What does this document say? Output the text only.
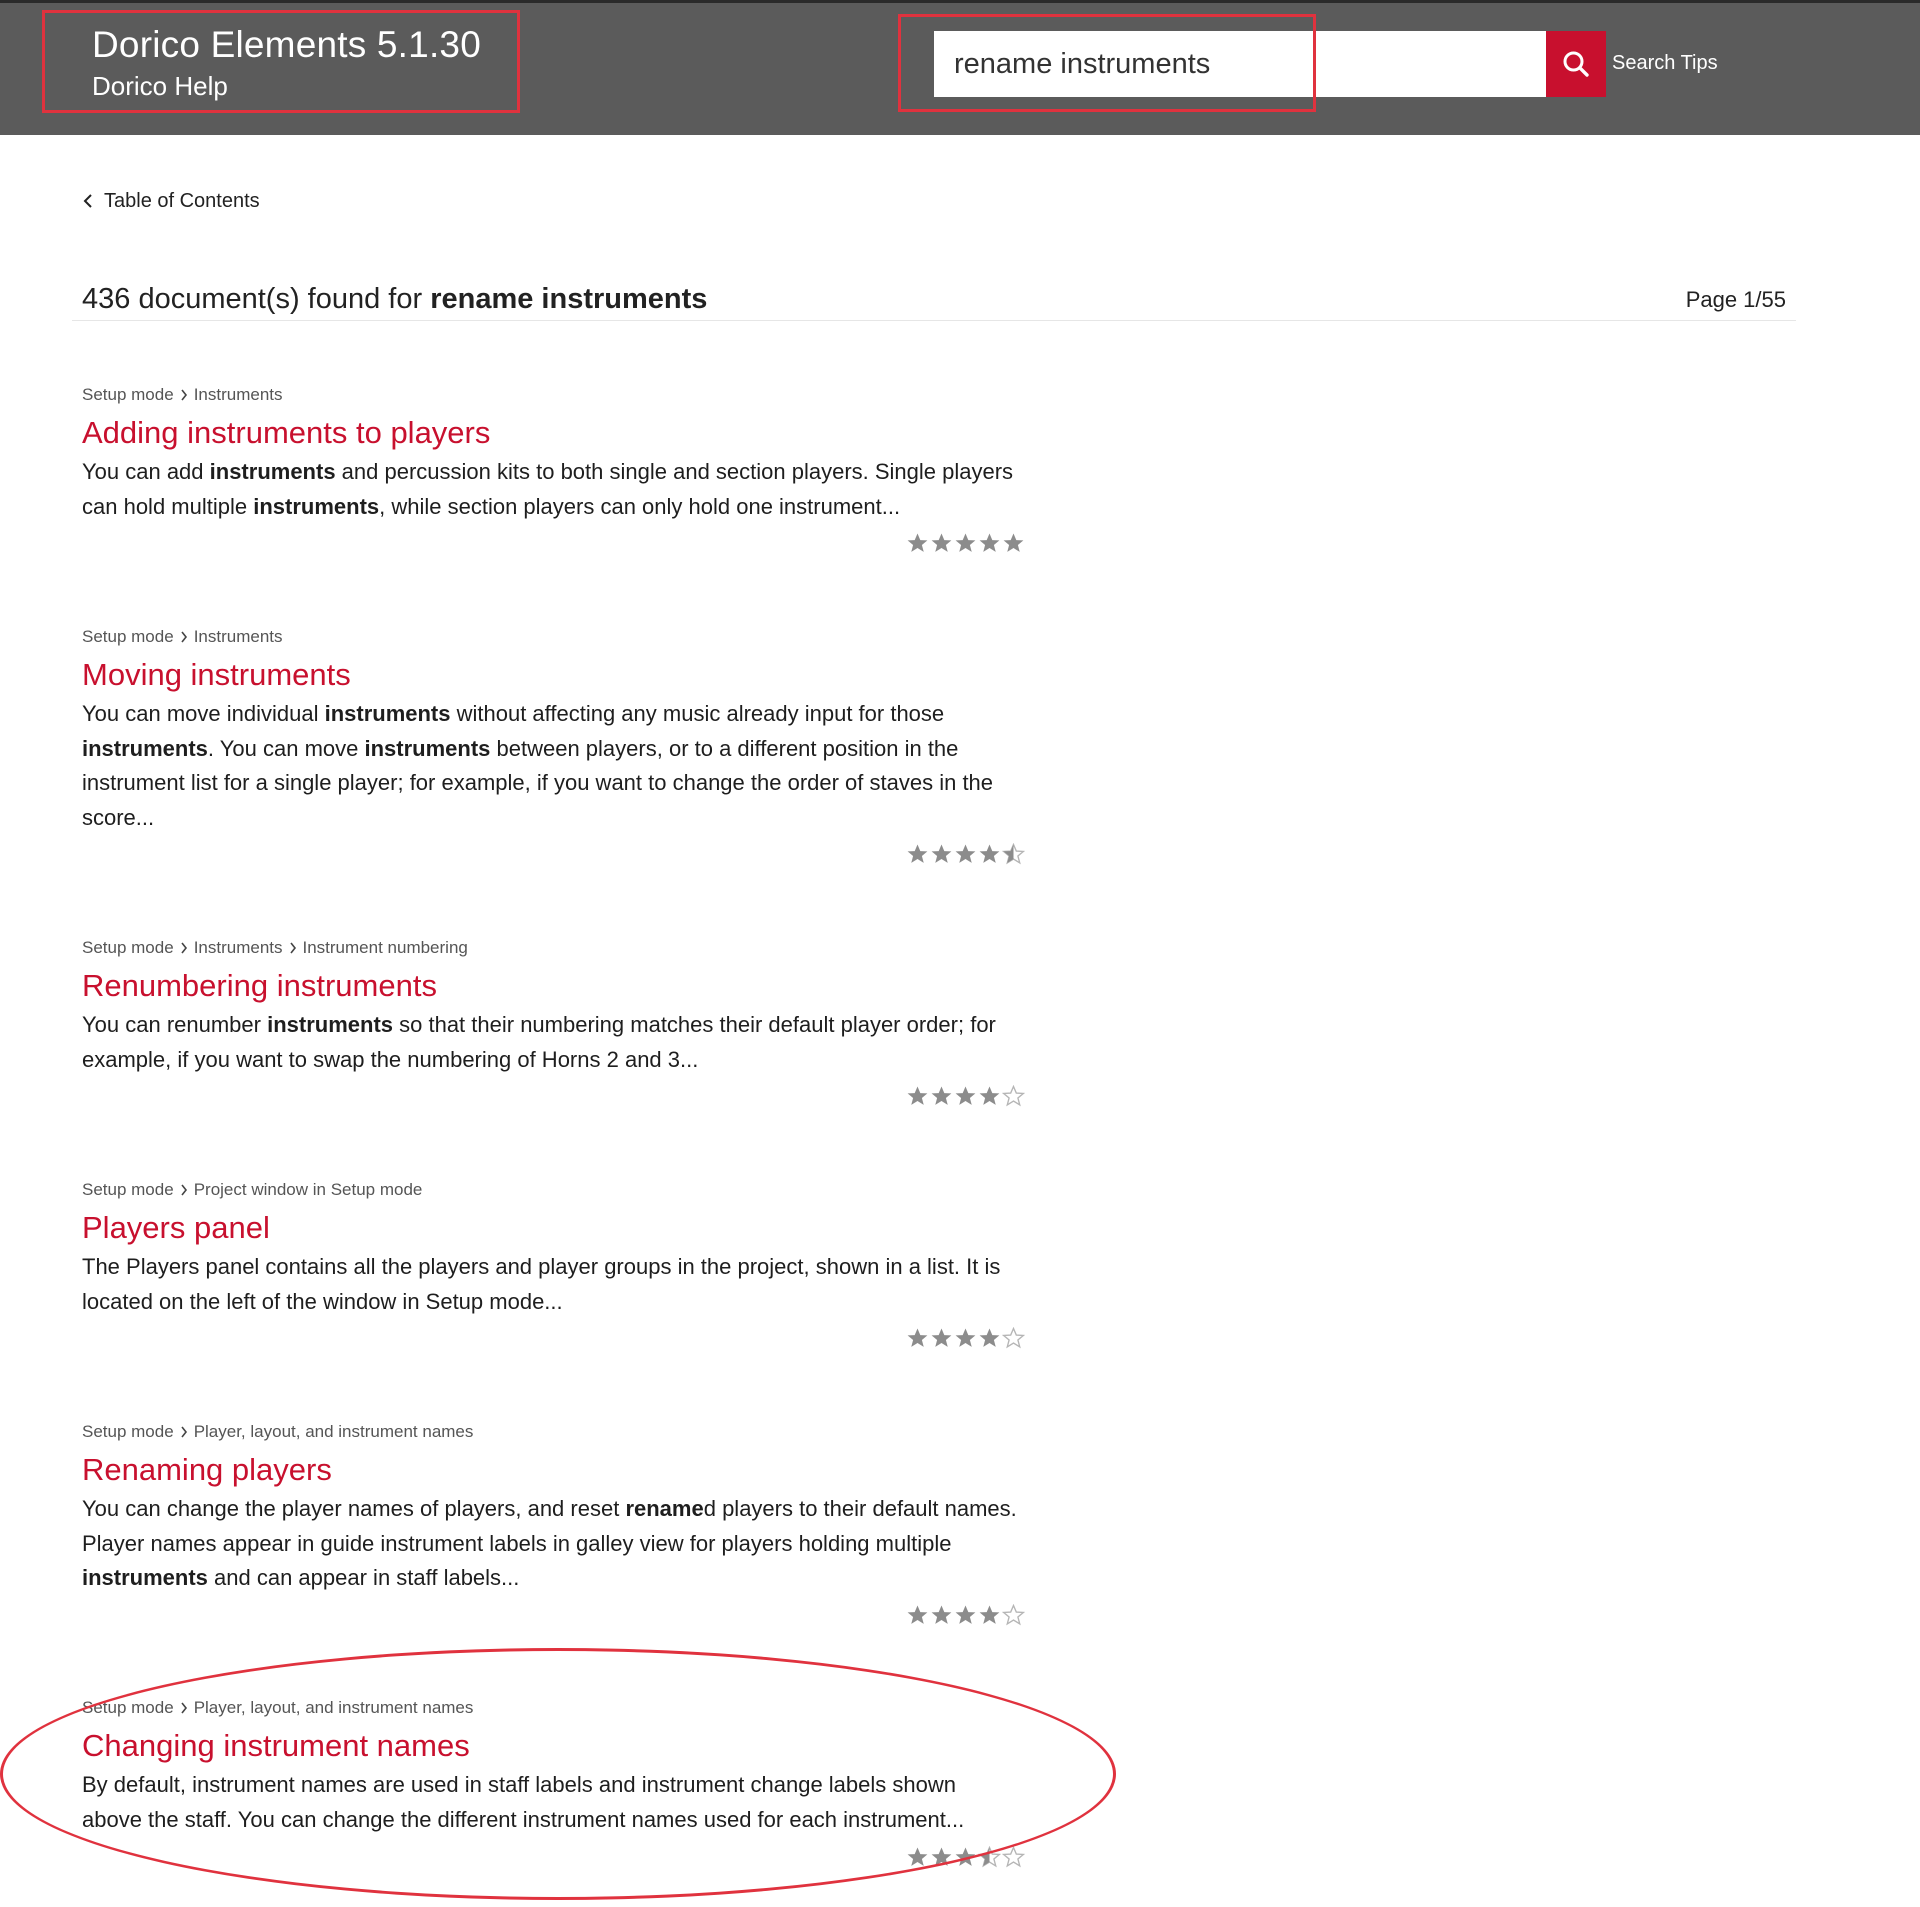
Dorico Elements 5.1.30
Dorico Help
rename instruments
Search Tips
Table of Contents
436 document(s) found for rename instruments	Page 1/55
Setup mode Instruments
Adding instruments to players
You can add instruments and percussion kits to both single and section players. Single players can hold multiple instruments, while section players can only hold one instrument...
Setup mode Instruments
Moving instruments
You can move individual instruments without affecting any music already input for those instruments. You can move instruments between players, or to a different position in the instrument list for a single player; for example, if you want to change the order of staves in the score...
Setup mode Instruments Instrument numbering
Renumbering instruments
You can renumber instruments so that their numbering matches their default player order; for example, if you want to swap the numbering of Horns 2 and 3...
Setup mode Project window in Setup mode
Players panel
The Players panel contains all the players and player groups in the project, shown in a list. It is located on the left of the window in Setup mode...
Setup mode Player, layout, and instrument names
Renaming players
You can change the player names of players, and reset renamed players to their default names. Player names appear in guide instrument labels in galley view for players holding multiple instruments and can appear in staff labels...
Setup mode Player, layout, and instrument names
Changing instrument names
By default, instrument names are used in staff labels and instrument change labels shown above the staff. You can change the different instrument names used for each instrument...
